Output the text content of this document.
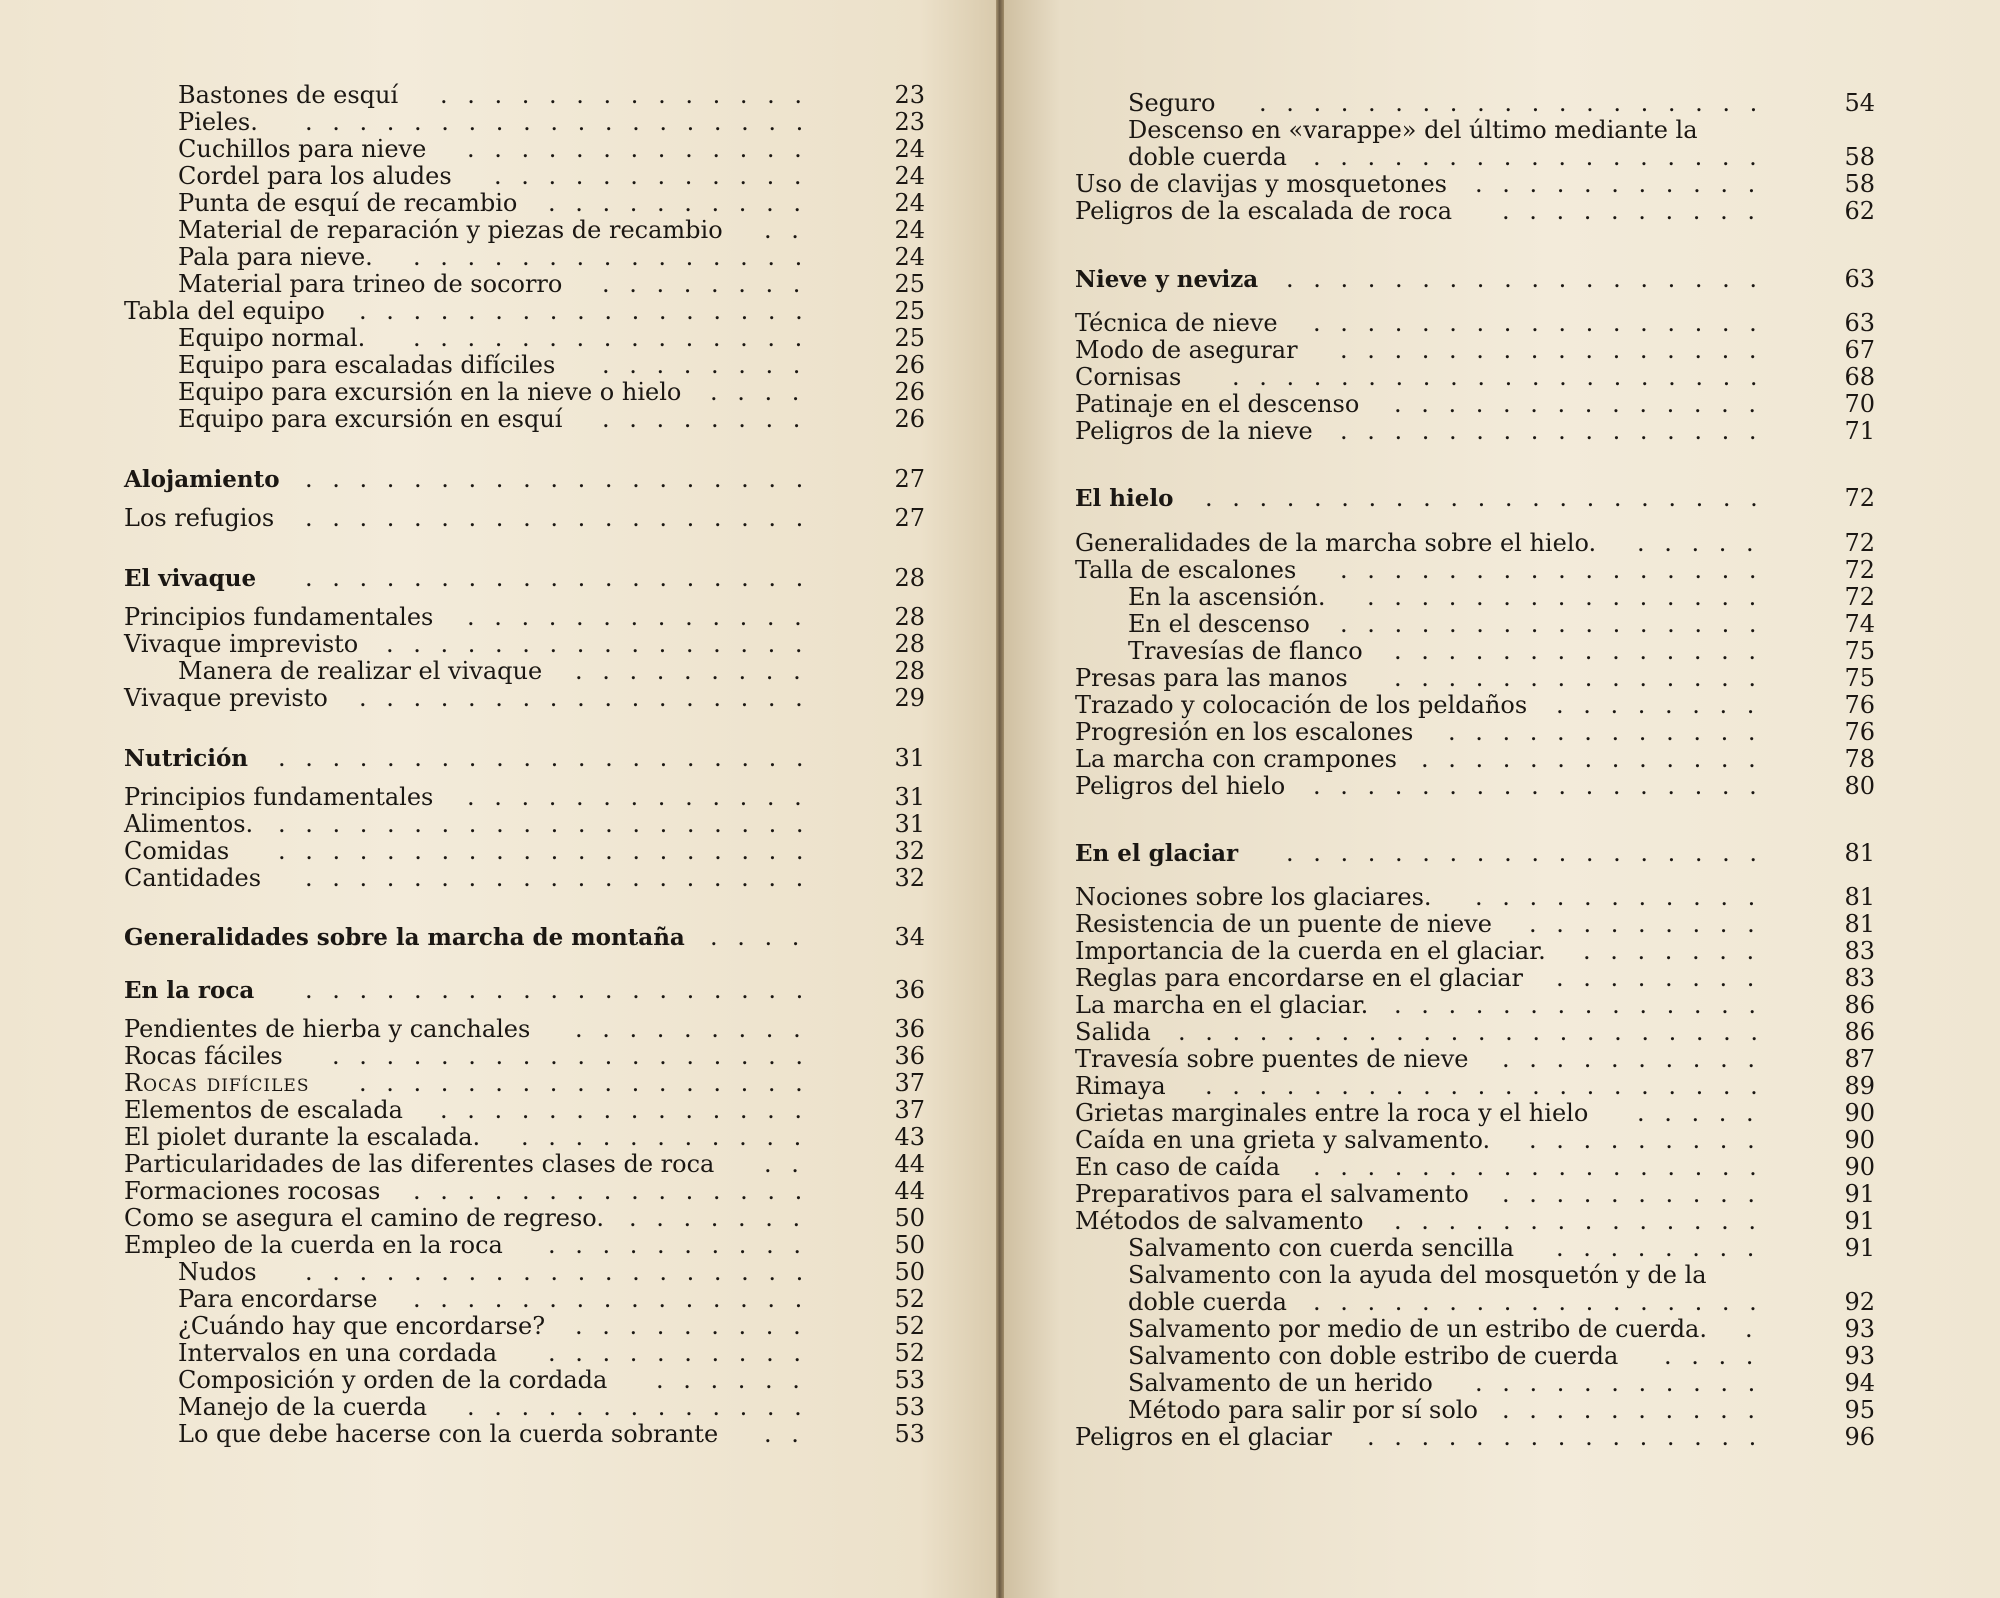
Bastones de esquí	23
. . . . . . . . . . . . . .
Pieles.	23
. . . . . . . . . . . . . . . . . . .
Cuchillos para nieve	24
. . . . . . . . . . . . .
Cordel para los aludes	24
. . . . . . . . . . . .
Punta de esquí de recambio	24
. . . . . . . . . .
Material de reparación y piezas de recambio	24
. .
Pala para nieve.	24
. . . . . . . . . . . . . . .
Material para trineo de socorro	25
. . . . . . . .
Tabla del equipo	25
. . . . . . . . . . . . . . . . .
Equipo normal.	25
. . . . . . . . . . . . . . .
Equipo para escaladas difíciles	26
. . . . . . . .
Equipo para excursión en la nieve o hielo	26
. . . .
Equipo para excursión en esquí	26
. . . . . . . .
Alojamiento	27
. . . . . . . . . . . . . . . . . . .
Los refugios	27
. . . . . . . . . . . . . . . . . . .
El vivaque	28
. . . . . . . . . . . . . . . . . . .
Principios fundamentales	28
. . . . . . . . . . . . .
Vivaque imprevisto	28
. . . . . . . . . . . . . . . .
Manera de realizar el vivaque	28
. . . . . . . . .
Vivaque previsto	29
. . . . . . . . . . . . . . . . .
Nutrición	31
. . . . . . . . . . . . . . . . . . . .
Principios fundamentales	31
. . . . . . . . . . . . .
Alimentos.	31
. . . . . . . . . . . . . . . . . . . .
Comidas	32
. . . . . . . . . . . . . . . . . . . .
Cantidades	32
. . . . . . . . . . . . . . . . . . .
Generalidades sobre la marcha de montaña	34
. . . .
En la roca	36
. . . . . . . . . . . . . . . . . . .
Pendientes de hierba y canchales	36
. . . . . . . . .
Rocas fáciles	36
. . . . . . . . . . . . . . . . . .
Rocas difíciles	37
. . . . . . . . . . . . . . . . .
Elementos de escalada	37
. . . . . . . . . . . . . .
El piolet durante la escalada.	43
. . . . . . . . . . .
Particularidades de las diferentes clases de roca	44
. .
Formaciones rocosas	44
. . . . . . . . . . . . . . .
Como se asegura el camino de regreso.	50
. . . . . . .
Empleo de la cuerda en la roca	50
. . . . . . . . . .
Nudos	50
. . . . . . . . . . . . . . . . . . .
Para encordarse	52
. . . . . . . . . . . . . . .
¿Cuándo hay que encordarse?	52
. . . . . . . . .
Intervalos en una cordada	52
. . . . . . . . . .
Composición y orden de la cordada	53
. . . . . .
Manejo de la cuerda	53
. . . . . . . . . . . . .
Lo que debe hacerse con la cuerda sobrante	53
. .
Seguro	54
. . . . . . . . . . . . . . . . . . .
Descenso en «varappe» del último mediante la
doble cuerda	58
. . . . . . . . . . . . . . . . .
Uso de clavijas y mosquetones	58
. . . . . . . . . . .
Peligros de la escalada de roca	62
. . . . . . . . . .
Nieve y neviza	63
. . . . . . . . . . . . . . . . . .
Técnica de nieve	63
. . . . . . . . . . . . . . . . .
Modo de asegurar	67
. . . . . . . . . . . . . . . .
Cornisas	68
. . . . . . . . . . . . . . . . . . . .
Patinaje en el descenso	70
. . . . . . . . . . . . . .
Peligros de la nieve	71
. . . . . . . . . . . . . . . .
El hielo	72
. . . . . . . . . . . . . . . . . . . . .
Generalidades de la marcha sobre el hielo.	72
. . . . .
Talla de escalones	72
. . . . . . . . . . . . . . . .
En la ascensión.	72
. . . . . . . . . . . . . . .
En el descenso	74
. . . . . . . . . . . . . . . .
Travesías de flanco	75
. . . . . . . . . . . . . .
Presas para las manos	75
. . . . . . . . . . . . . .
Trazado y colocación de los peldaños	76
. . . . . . . .
Progresión en los escalones	76
. . . . . . . . . . . .
La marcha con crampones	78
. . . . . . . . . . . . .
Peligros del hielo	80
. . . . . . . . . . . . . . . . .
En el glaciar	81
. . . . . . . . . . . . . . . . . .
Nociones sobre los glaciares.	81
. . . . . . . . . . .
Resistencia de un puente de nieve	81
. . . . . . . . .
Importancia de la cuerda en el glaciar.	83
. . . . . . .
Reglas para encordarse en el glaciar	83
. . . . . . . .
La marcha en el glaciar.	86
. . . . . . . . . . . . . .
Salida	86
. . . . . . . . . . . . . . . . . . . . . .
Travesía sobre puentes de nieve	87
. . . . . . . . . .
Rimaya	89
. . . . . . . . . . . . . . . . . . . . .
Grietas marginales entre la roca y el hielo	90
. . . . .
Caída en una grieta y salvamento.	90
. . . . . . . . .
En caso de caída	90
. . . . . . . . . . . . . . . . .
Preparativos para el salvamento	91
. . . . . . . . . .
Métodos de salvamento	91
. . . . . . . . . . . . . .
Salvamento con cuerda sencilla	91
. . . . . . . .
Salvamento con la ayuda del mosquetón y de la
doble cuerda	92
. . . . . . . . . . . . . . . . .
Salvamento por medio de un estribo de cuerda.	93
.
Salvamento con doble estribo de cuerda	93
. . . .
Salvamento de un herido	94
. . . . . . . . . . .
Método para salir por sí solo	95
. . . . . . . . . .
Peligros en el glaciar	96
. . . . . . . . . . . . . . .
